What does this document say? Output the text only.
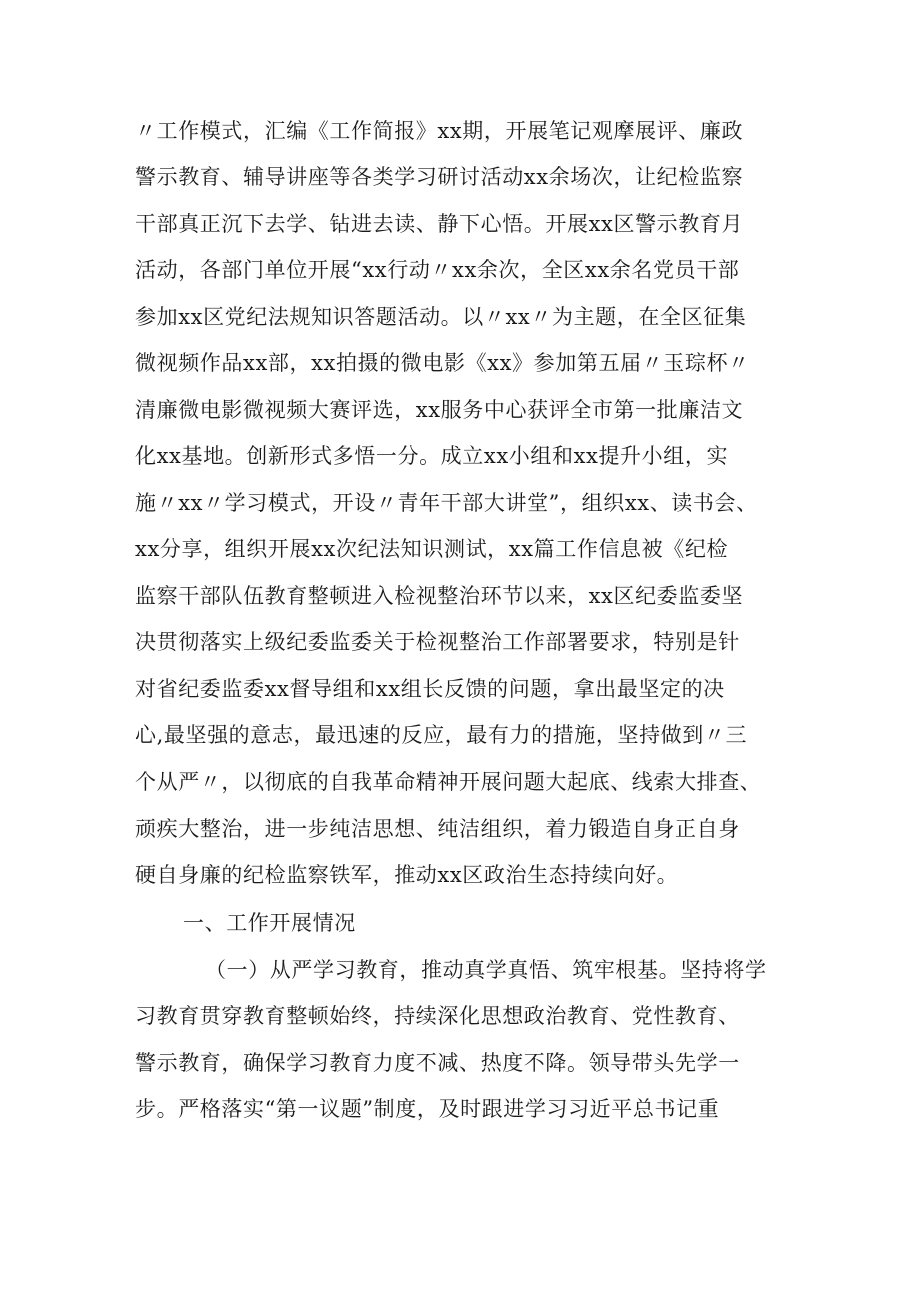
〃工作模式，汇编《工作简报》xx期，开展笔记观摩展评、廉政
警示教育、辅导讲座等各类学习研讨活动xx余场次，让纪检监察
干部真正沉下去学、钻进去读、静下心悟。开展xx区警示教育月
活动，各部门单位开展“xx行动〃xx余次，全区xx余名党员干部
参加xx区党纪法规知识答题活动。以〃xx〃为主题，在全区征集
微视频作品xx部，xx拍摄的微电影《xx》参加第五届〃玉琮杯〃
清廉微电影微视频大赛评选，xx服务中心获评全市第一批廉洁文
化xx基地。创新形式多悟一分。成立xx小组和xx提升小组，实
施〃xx〃学习模式，开设〃青年干部大讲堂”，组织xx、读书会、
xx分享，组织开展xx次纪法知识测试，xx篇工作信息被《纪检
监察干部队伍教育整顿进入检视整治环节以来，xx区纪委监委坚
决贯彻落实上级纪委监委关于检视整治工作部署要求，特别是针
对省纪委监委xx督导组和xx组长反馈的问题，拿出最坚定的决
心,最坚强的意志，最迅速的反应，最有力的措施，坚持做到〃三
个从严〃，以彻底的自我革命精神开展问题大起底、线索大排查、
顽疾大整治，进一步纯洁思想、纯洁组织，着力锻造自身正自身
硬自身廉的纪检监察铁军，推动xx区政治生态持续向好。
一、工作开展情况
（一）从严学习教育，推动真学真悟、筑牢根基。坚持将学
习教育贯穿教育整顿始终，持续深化思想政治教育、党性教育、
警示教育，确保学习教育力度不减、热度不降。领导带头先学一
步。严格落实“第一议题”制度，及时跟进学习习近平总书记重
